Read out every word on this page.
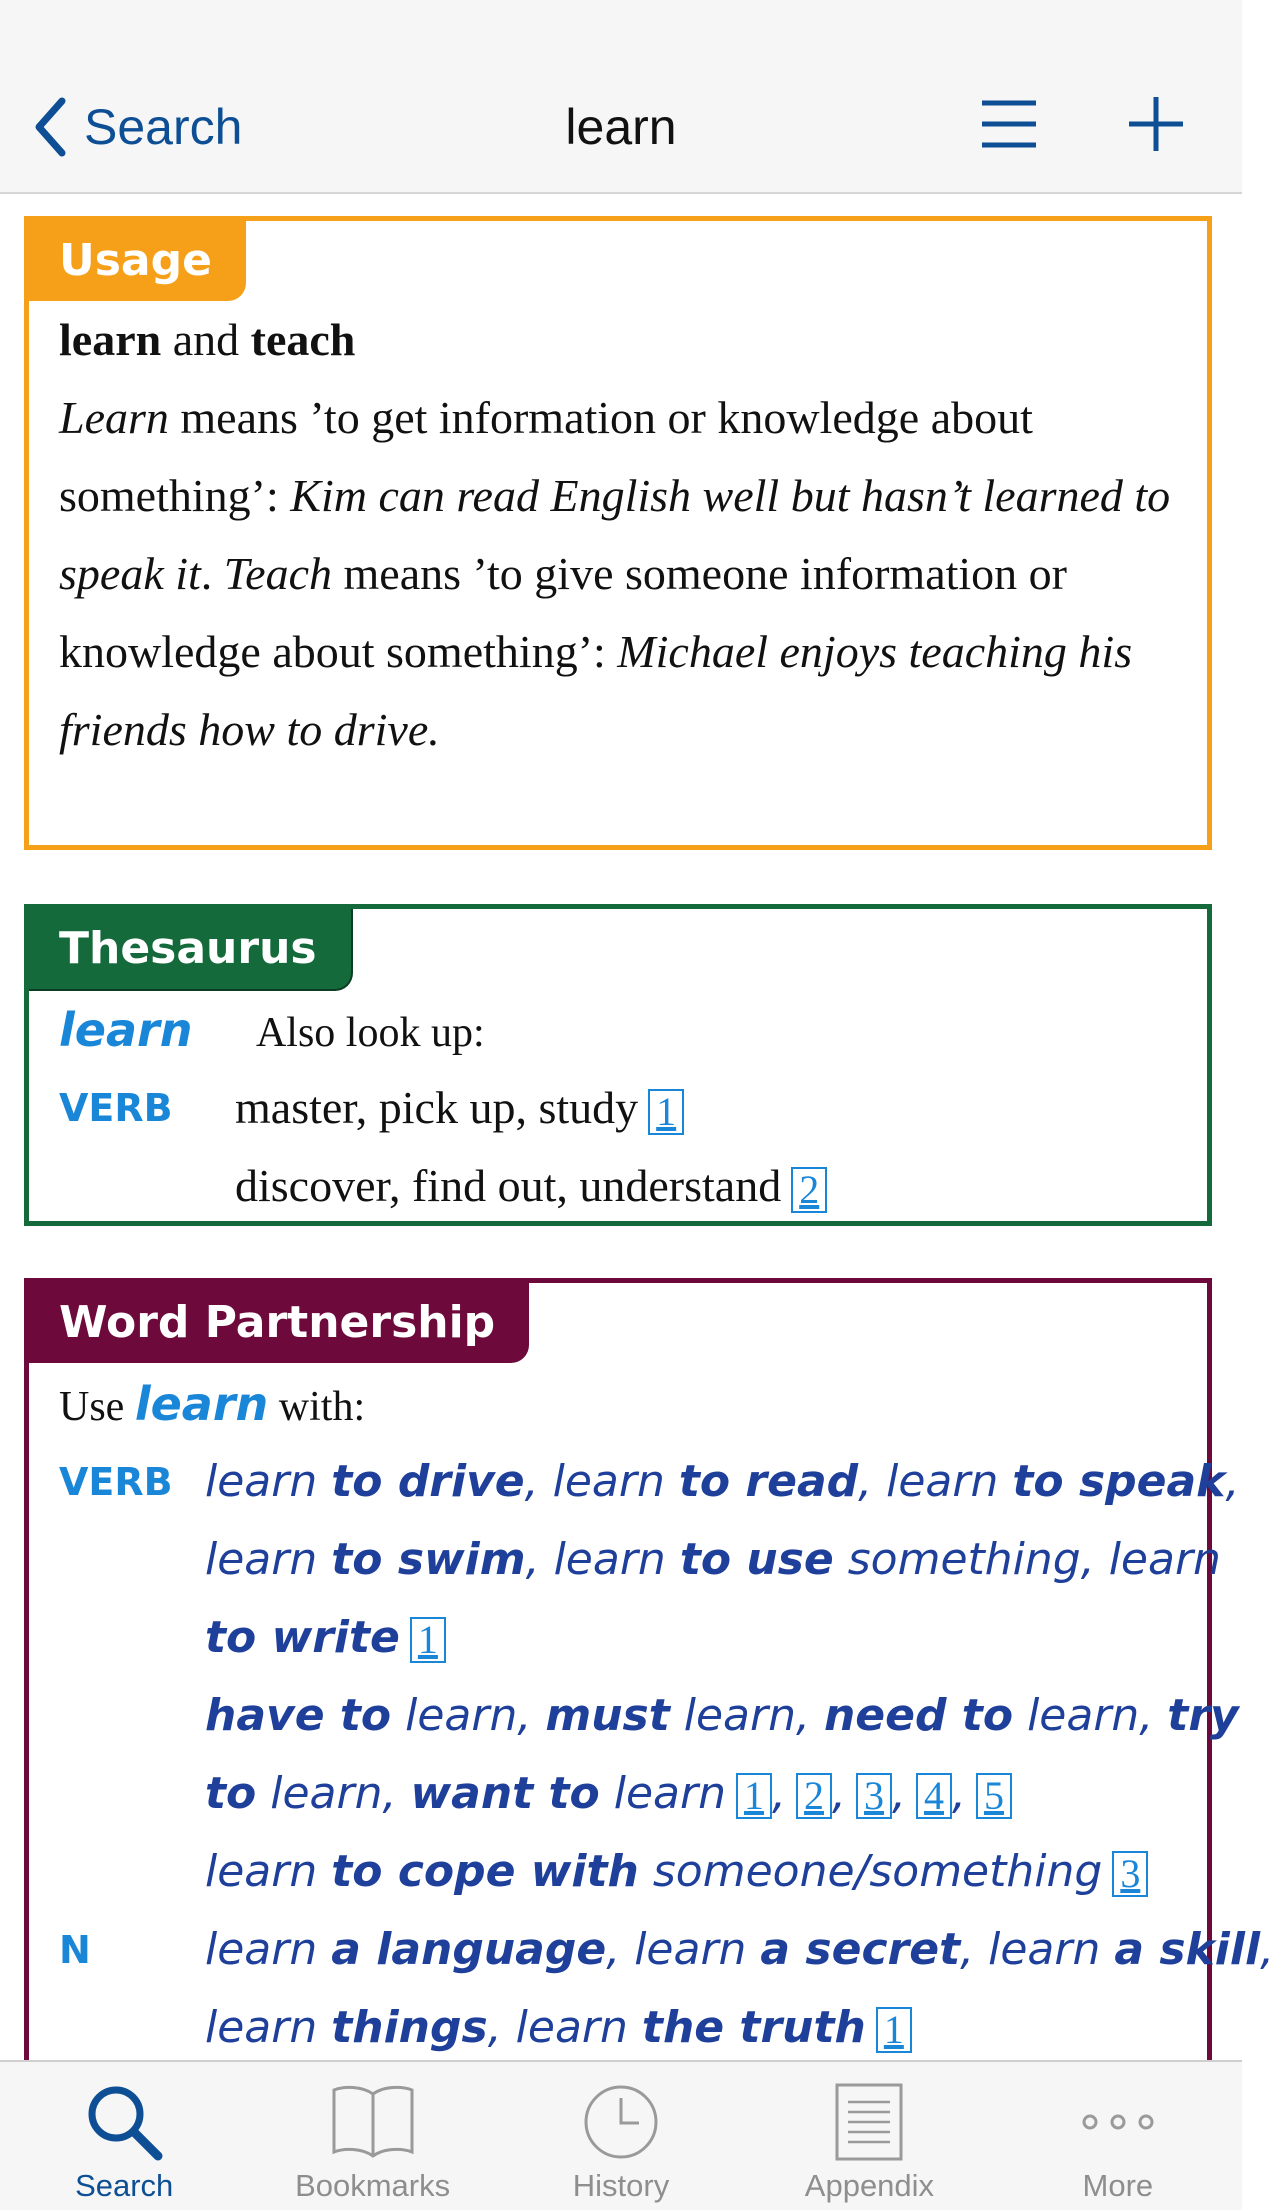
Search	learn
Usage
learn and teach
Learn means ’to get information or knowledge about something’: Kim can read English well but hasn’t learned to speak it. Teach means ’to give someone information or knowledge about something’: Michael enjoys teaching his friends how to drive.
Thesaurus
learn Also look up:
VERB master, pick up, study 1
discover, find out, understand 2
Word Partnership
Use learn with:
VERB learn to drive, learn to read, learn to speak,
learn to swim, learn to use something, learn
to write 1
have to learn, must learn, need to learn, try
to learn, want to learn 1 , 2 , 3 , 4 , 5
learn to cope with someone/something 3
N	learn a language, learn a secret, learn a skill,
learn things, learn the truth 1
Search	Bookmarks	History	Appendix	More
